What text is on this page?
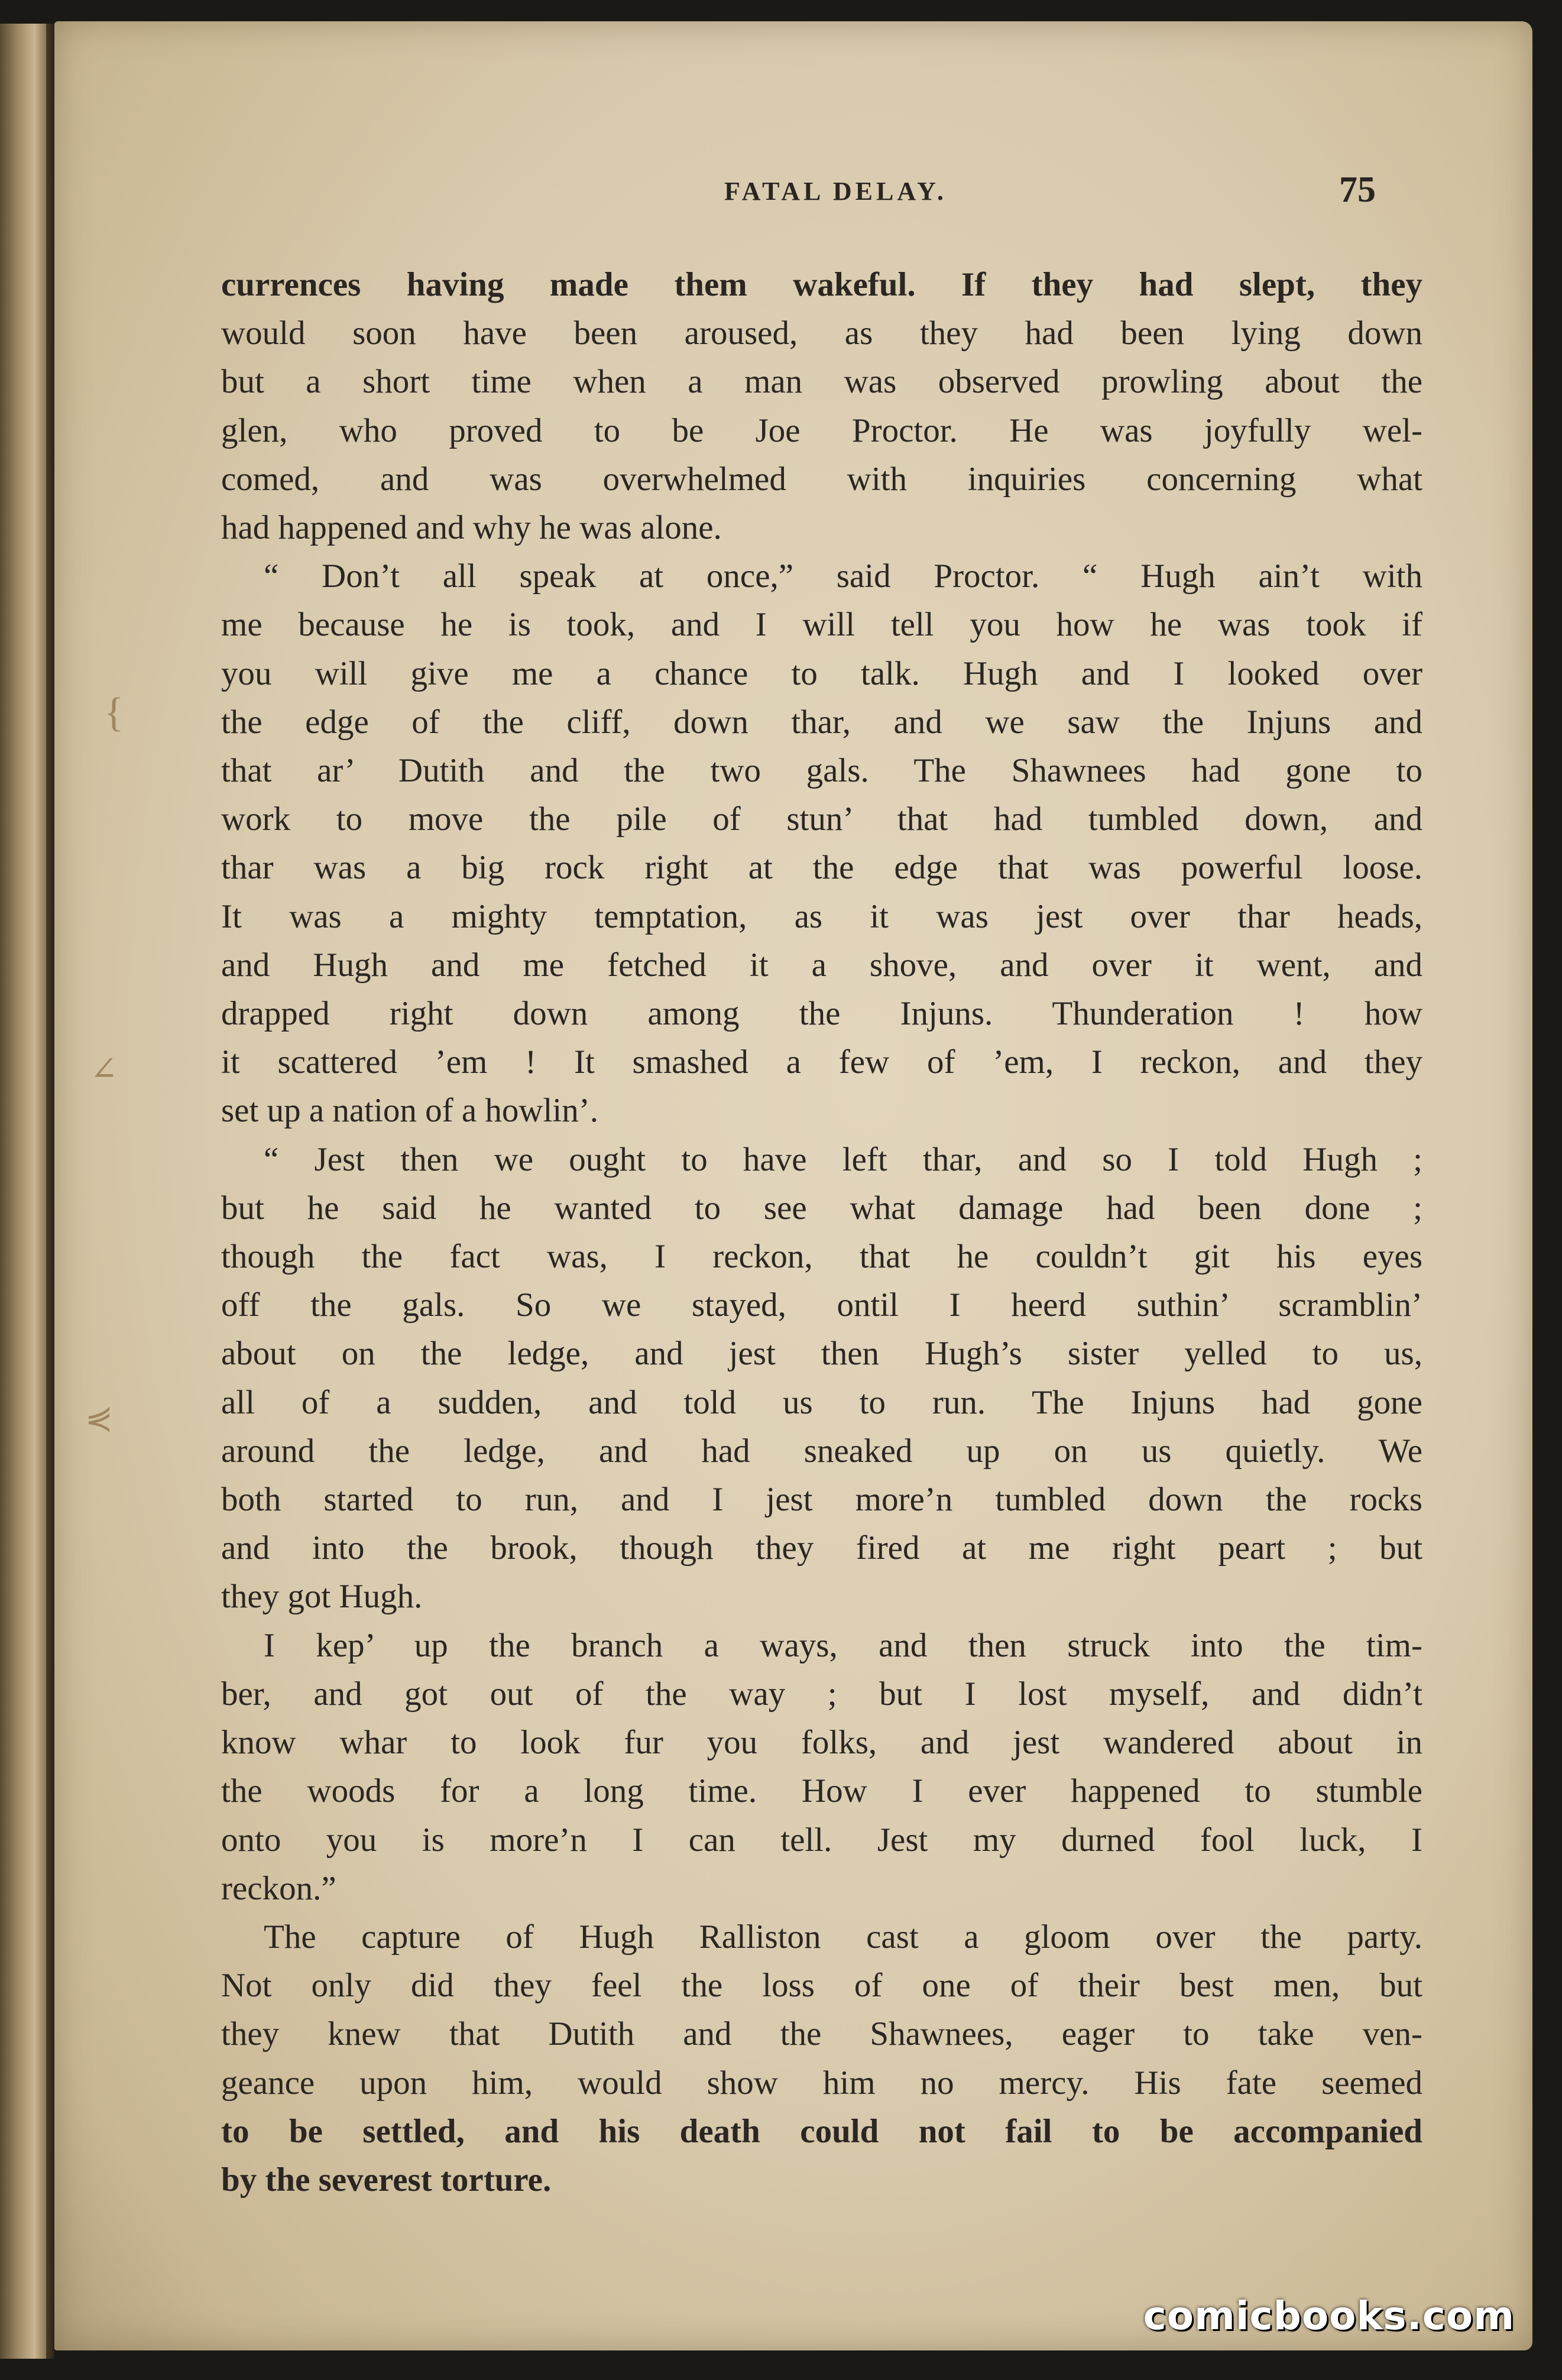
FATAL DELAY.	75
{
∠
⋞
currences having made them wakeful. If they had slept, they
would soon have been aroused, as they had been lying down
but a short time when a man was observed prowling about the
glen, who proved to be Joe Proctor. He was joyfully wel-
comed, and was overwhelmed with inquiries concerning what
had happened and why he was alone.
“ Don’t all speak at once,” said Proctor. “ Hugh ain’t with
me because he is took, and I will tell you how he was took if
you will give me a chance to talk. Hugh and I looked over
the edge of the cliff, down thar, and we saw the Injuns and
that ar’ Dutith and the two gals. The Shawnees had gone to
work to move the pile of stun’ that had tumbled down, and
thar was a big rock right at the edge that was powerful loose.
It was a mighty temptation, as it was jest over thar heads,
and Hugh and me fetched it a shove, and over it went, and
drapped right down among the Injuns. Thunderation ! how
it scattered ’em ! It smashed a few of ’em, I reckon, and they
set up a nation of a howlin’.
“ Jest then we ought to have left thar, and so I told Hugh ;
but he said he wanted to see what damage had been done ;
though the fact was, I reckon, that he couldn’t git his eyes
off the gals. So we stayed, ontil I heerd suthin’ scramblin’
about on the ledge, and jest then Hugh’s sister yelled to us,
all of a sudden, and told us to run. The Injuns had gone
around the ledge, and had sneaked up on us quietly. We
both started to run, and I jest more’n tumbled down the rocks
and into the brook, though they fired at me right peart ; but
they got Hugh.
I kep’ up the branch a ways, and then struck into the tim-
ber, and got out of the way ; but I lost myself, and didn’t
know whar to look fur you folks, and jest wandered about in
the woods for a long time. How I ever happened to stumble
onto you is more’n I can tell. Jest my durned fool luck, I
reckon.”
The capture of Hugh Ralliston cast a gloom over the party.
Not only did they feel the loss of one of their best men, but
they knew that Dutith and the Shawnees, eager to take ven-
geance upon him, would show him no mercy. His fate seemed
to be settled, and his death could not fail to be accompanied
by the severest torture.
comicbooks.com
